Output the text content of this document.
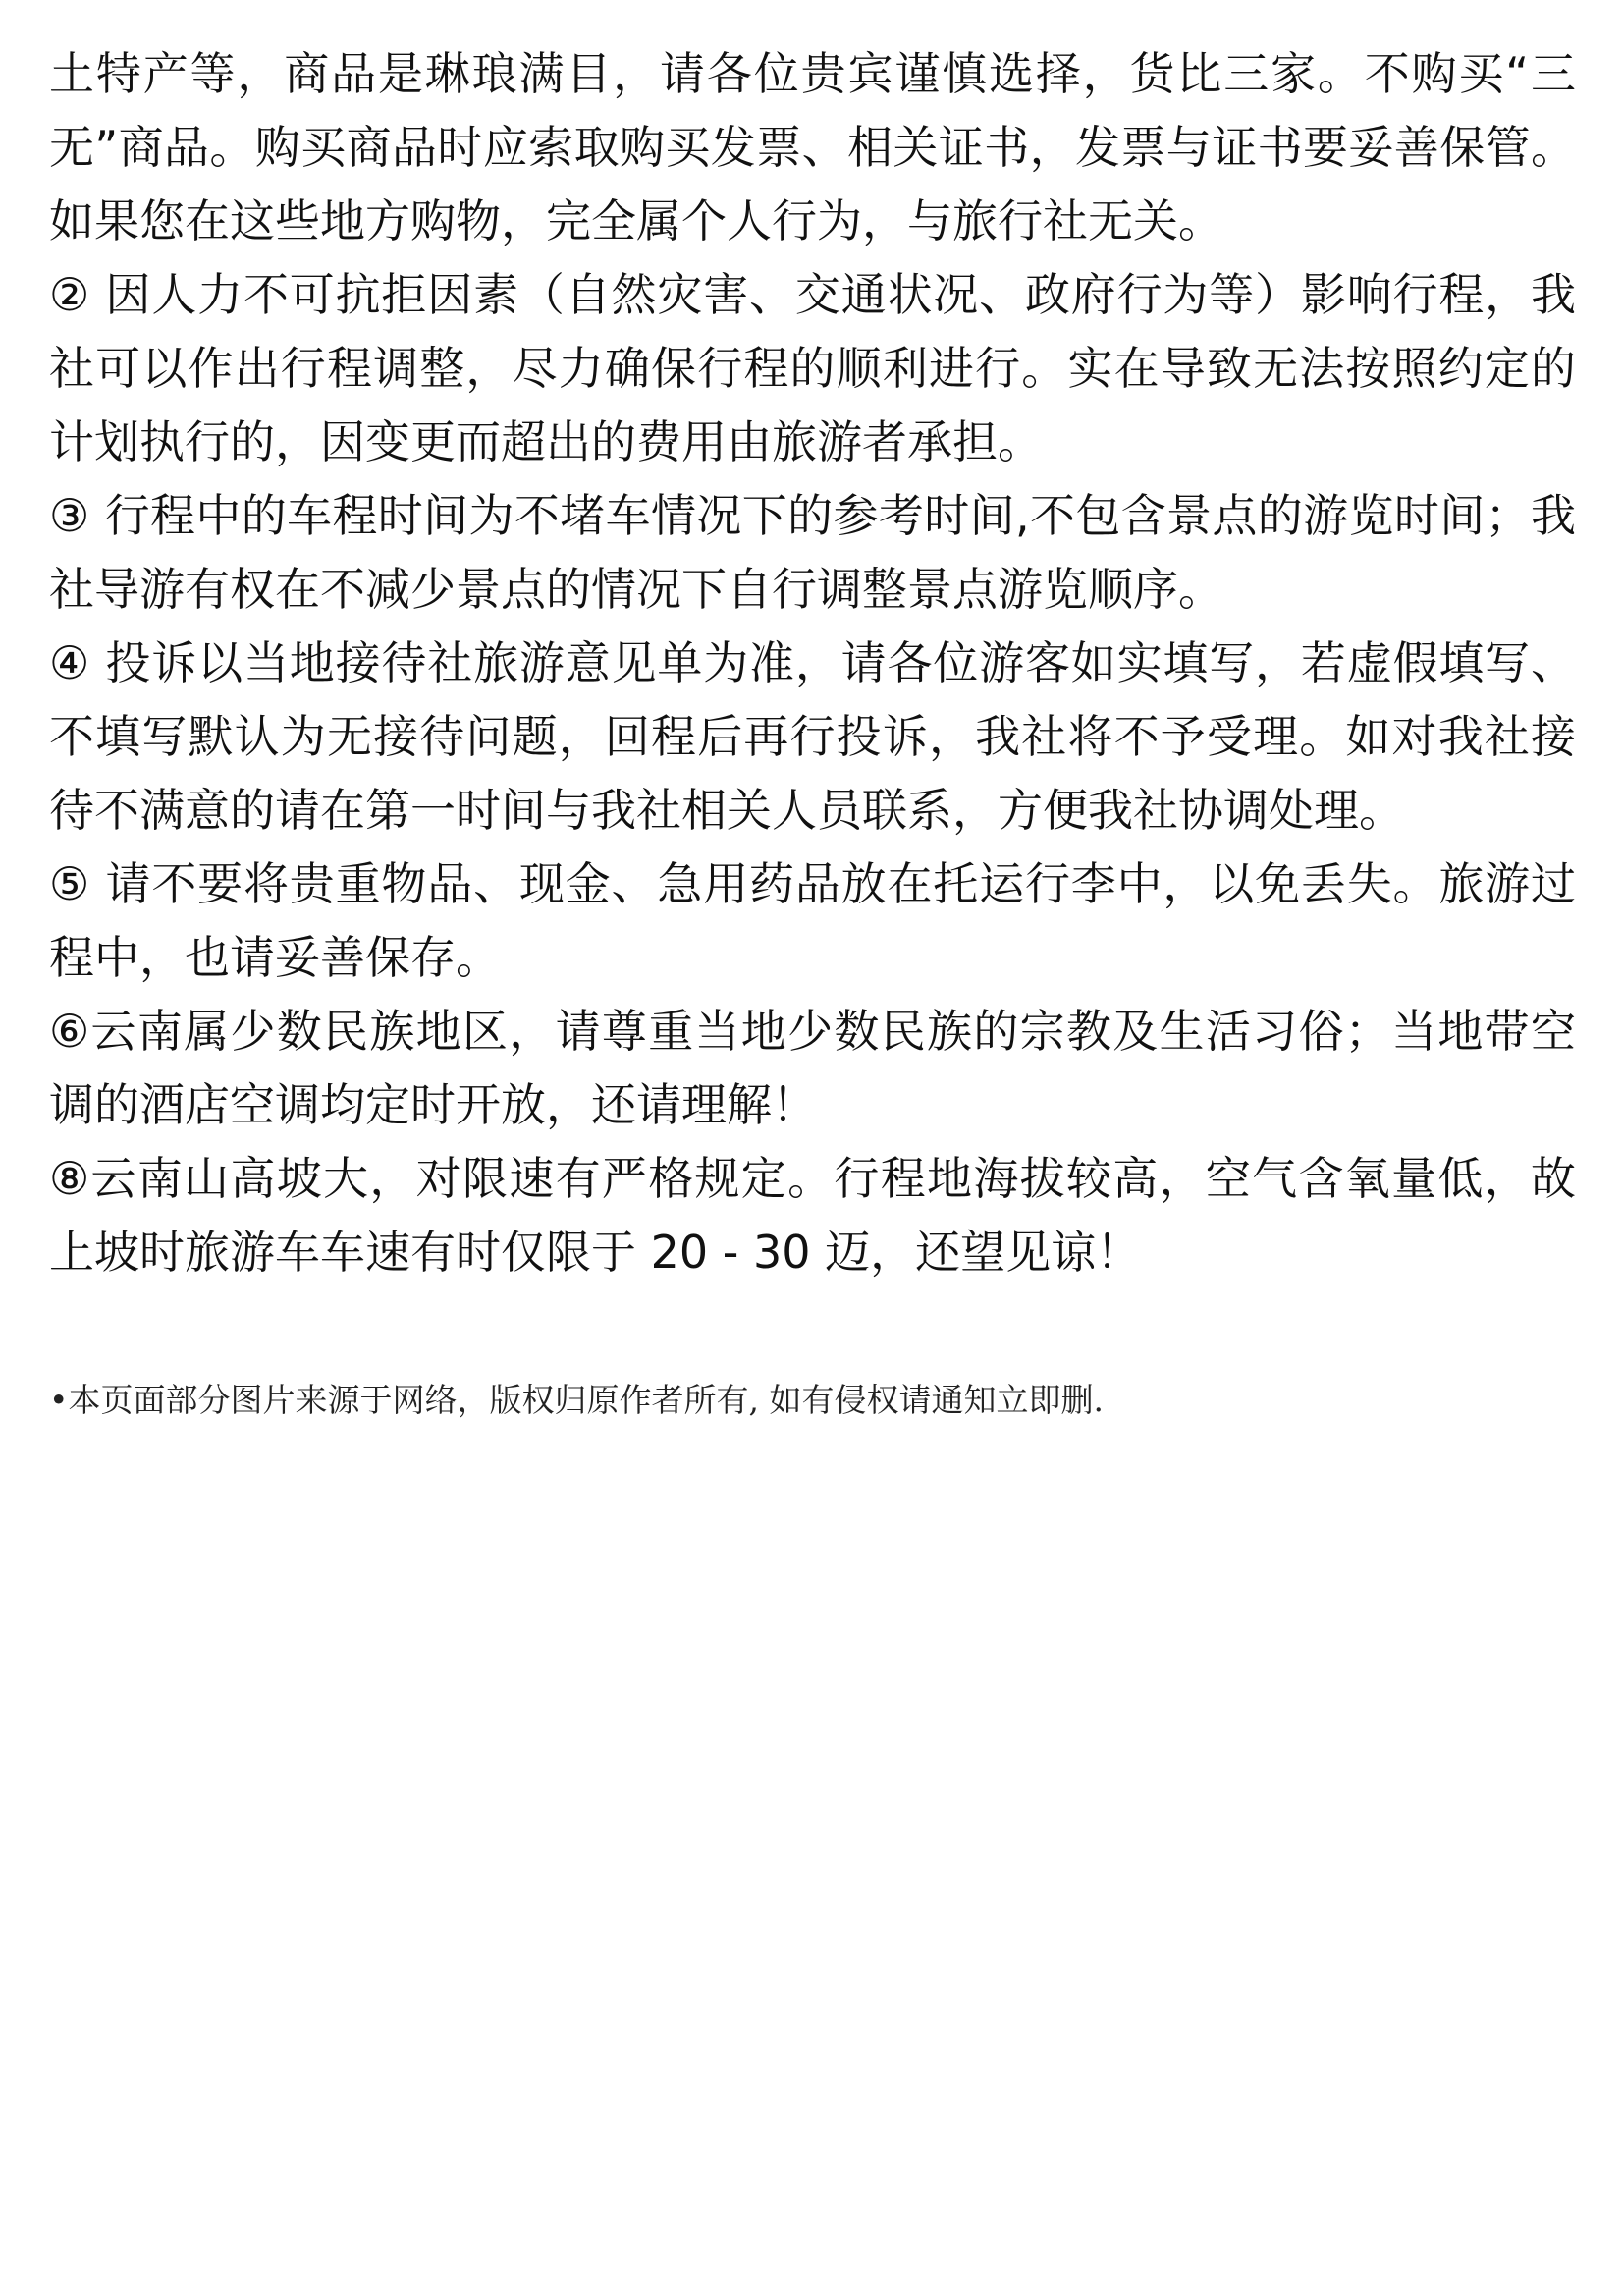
土特产等，商品是琳琅满目，请各位贵宾谨慎选择，货比三家。不购买“三无”商品。购买商品时应索取购买发票、相关证书，发票与证书要妥善保管。如果您在这些地方购物，完全属个人行为，与旅行社无关。

② 因人力不可抗拒因素（自然灾害、交通状况、政府行为等）影响行程，我社可以作出行程调整，尽力确保行程的顺利进行。实在导致无法按照约定的计划执行的，因变更而超出的费用由旅游者承担。

③ 行程中的车程时间为不堵车情况下的参考时间,不包含景点的游览时间；我社导游有权在不减少景点的情况下自行调整景点游览顺序。

④ 投诉以当地接待社旅游意见单为准，请各位游客如实填写，若虚假填写、不填写默认为无接待问题，回程后再行投诉，我社将不予受理。如对我社接待不满意的请在第一时间与我社相关人员联系，方便我社协调处理。

⑤ 请不要将贵重物品、现金、急用药品放在托运行李中，以免丢失。旅游过程中，也请妥善保存。

⑥云南属少数民族地区，请尊重当地少数民族的宗教及生活习俗；当地带空调的酒店空调均定时开放，还请理解！

⑧云南山高坡大，对限速有严格规定。行程地海拔较高，空气含氧量低，故上坡时旅游车车速有时仅限于 20 - 30 迈，还望见谅！

•本页面部分图片来源于网络，版权归原作者所有, 如有侵权请通知立即删.
